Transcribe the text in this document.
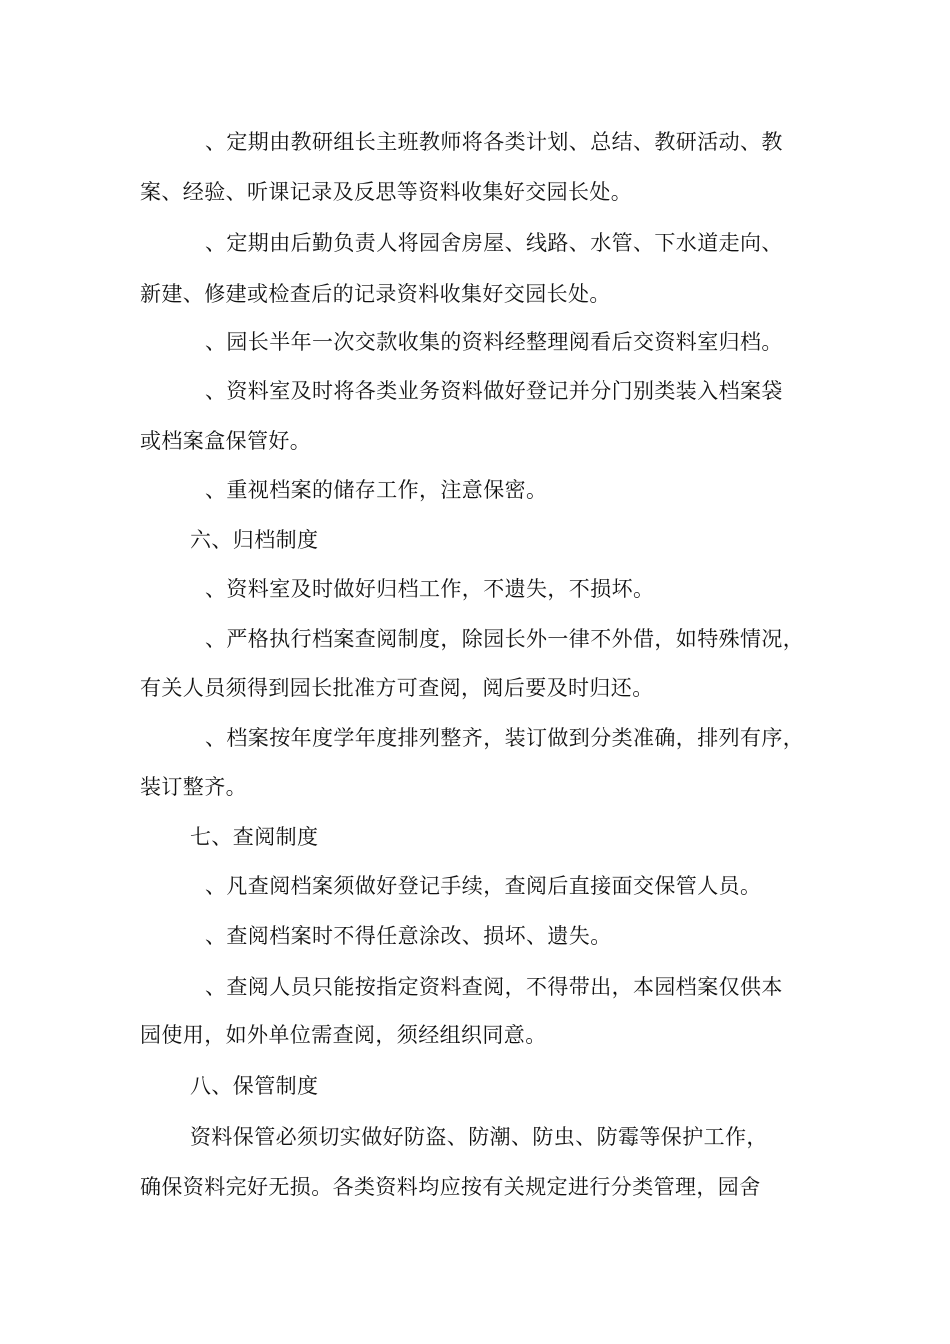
、定期由教研组长主班教师将各类计划、总结、教研活动、教
案、经验、听课记录及反思等资料收集好交园长处。
、定期由后勤负责人将园舍房屋、线路、水管、下水道走向、
新建、修建或检查后的记录资料收集好交园长处。
、园长半年一次交款收集的资料经整理阅看后交资料室归档。
、资料室及时将各类业务资料做好登记并分门别类装入档案袋
或档案盒保管好。
、重视档案的储存工作，注意保密。
六、归档制度
、资料室及时做好归档工作，不遗失，不损坏。
、严格执行档案查阅制度，除园长外一律不外借，如特殊情况，
有关人员须得到园长批准方可查阅，阅后要及时归还。
、档案按年度学年度排列整齐，装订做到分类准确，排列有序，
装订整齐。
七、查阅制度
、凡查阅档案须做好登记手续，查阅后直接面交保管人员。
、查阅档案时不得任意涂改、损坏、遗失。
、查阅人员只能按指定资料查阅，不得带出，本园档案仅供本
园使用，如外单位需查阅，须经组织同意。
八、保管制度
资料保管必须切实做好防盗、防潮、防虫、防霉等保护工作，
确保资料完好无损。各类资料均应按有关规定进行分类管理，园舍
